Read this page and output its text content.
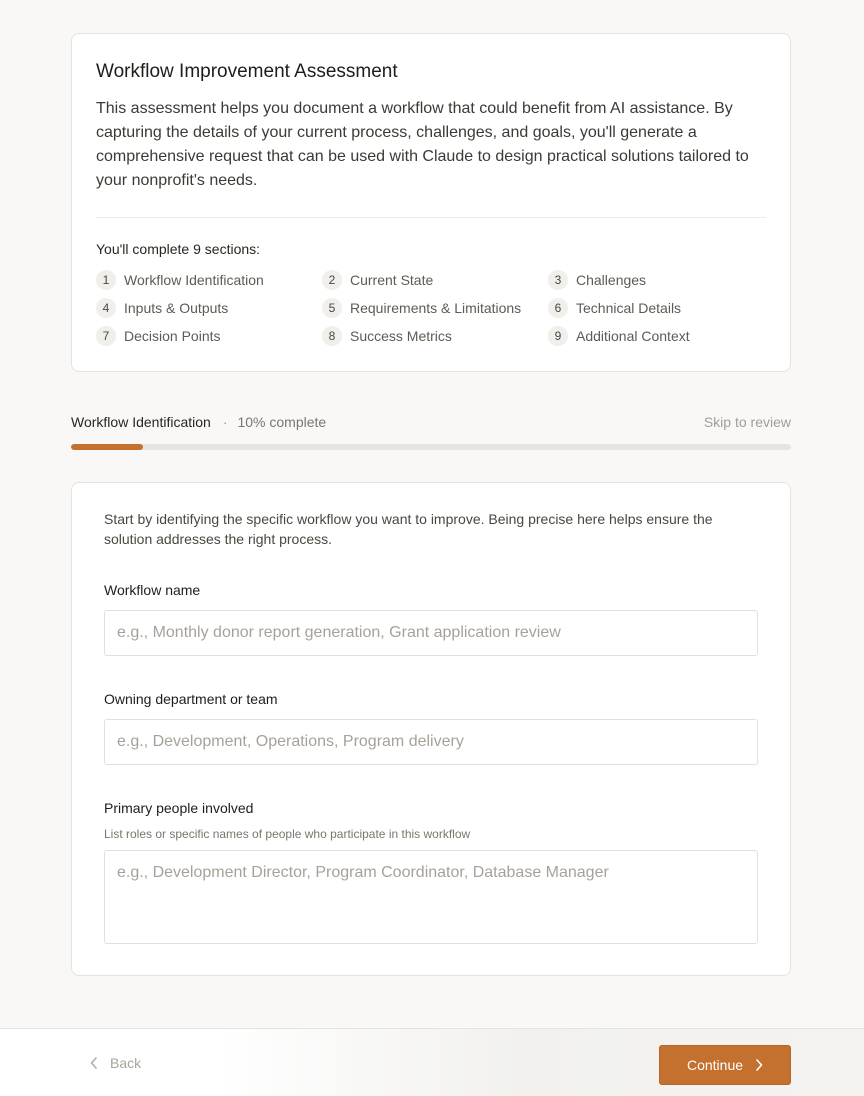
Workflow Improvement Assessment

This assessment helps you document a workflow that could benefit from AI assistance. By capturing the details of your current process, challenges, and goals, you'll generate a comprehensive request that can be used with Claude to design practical solutions tailored to your nonprofit's needs.

You'll complete 9 sections:
1	Workflow Identification	2	Current State	3	Challenges
4	Inputs & Outputs	5	Requirements & Limitations	6	Technical Details
7	Decision Points	8	Success Metrics	9	Additional Context
Workflow Identification · 10% complete	Skip to review

Start by identifying the specific workflow you want to improve. Being precise here helps ensure the solution addresses the right process.

Workflow name
e.g., Monthly donor report generation, Grant application review
Owning department or team
e.g., Development, Operations, Program delivery
Primary people involved
List roles or specific names of people who participate in this workflow
e.g., Development Director, Program Coordinator, Database Manager
Back	Continue
